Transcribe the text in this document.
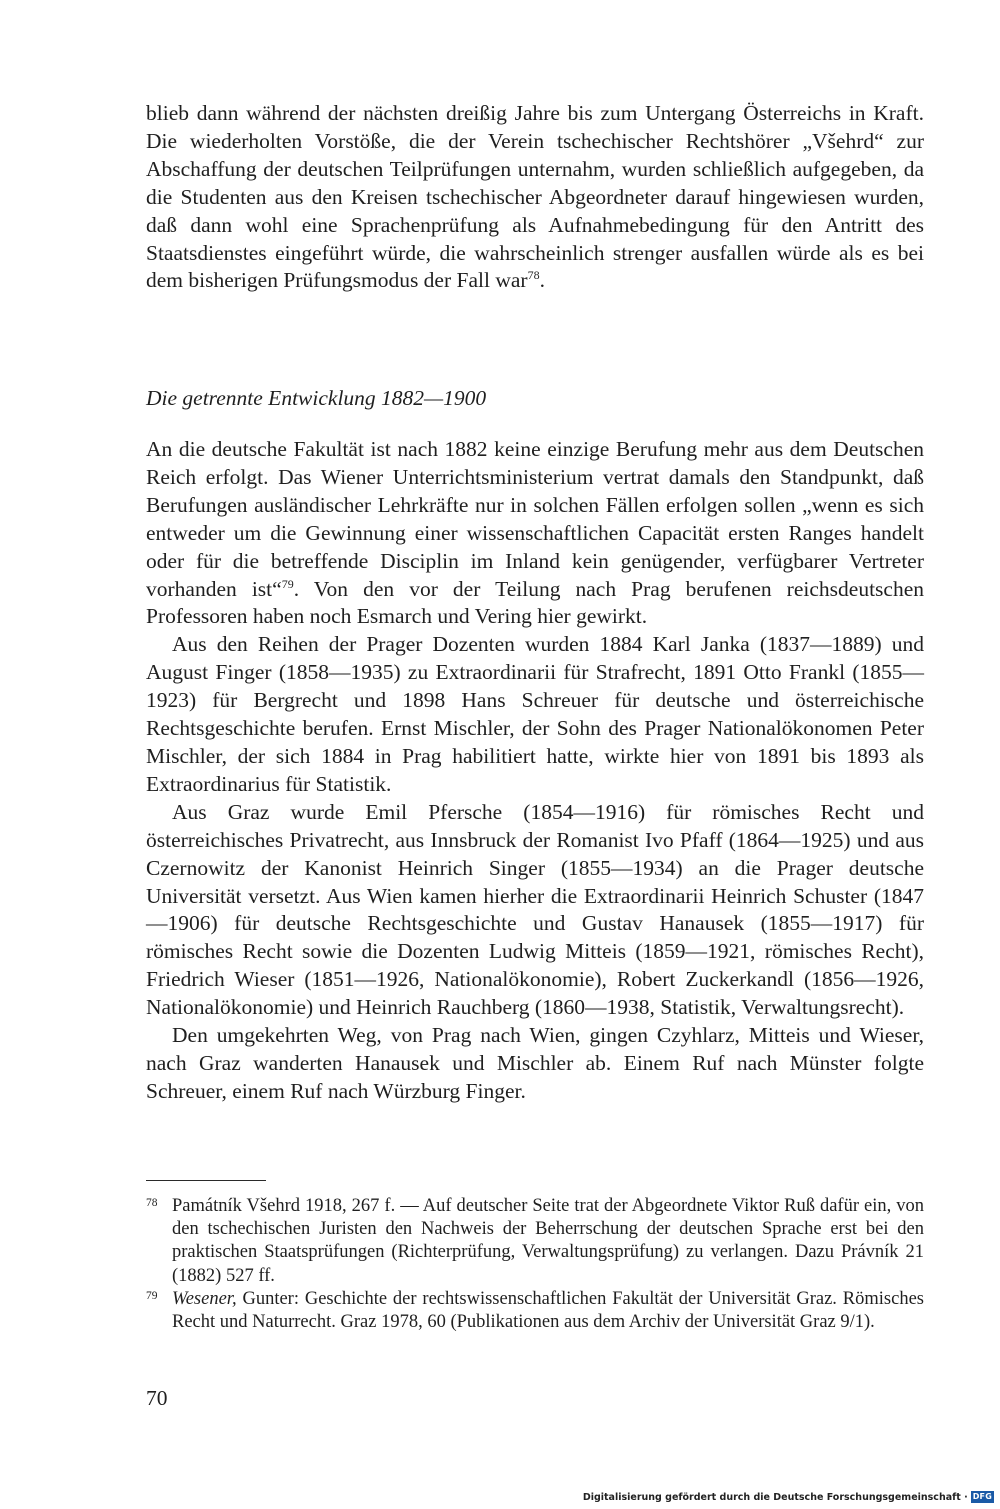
blieb dann während der nächsten dreißig Jahre bis zum Untergang Österreichs in Kraft. Die wiederholten Vorstöße, die der Verein tschechischer Rechtshörer „Všehrd“ zur Abschaffung der deutschen Teilprüfungen unternahm, wurden schließlich aufgegeben, da die Studenten aus den Kreisen tschechischer Abgeordneter darauf hingewiesen wurden, daß dann wohl eine Sprachenprüfung als Aufnahmebedingung für den Antritt des Staatsdienstes eingeführt würde, die wahrscheinlich strenger ausfallen würde als es bei dem bisherigen Prüfungsmodus der Fall war$^{78}$.

Die getrennte Entwicklung 1882—1900

An die deutsche Fakultät ist nach 1882 keine einzige Berufung mehr aus dem Deutschen Reich erfolgt. Das Wiener Unterrichtsministerium vertrat damals den Standpunkt, daß Berufungen ausländischer Lehrkräfte nur in solchen Fällen erfolgen sollen „wenn es sich entweder um die Gewinnung einer wissenschaftlichen Capacität ersten Ranges handelt oder für die betreffende Disciplin im Inland kein genügender, verfügbarer Vertreter vorhanden ist“$^{79}$. Von den vor der Teilung nach Prag berufenen reichsdeutschen Professoren haben noch Esmarch und Vering hier gewirkt.

Aus den Reihen der Prager Dozenten wurden 1884 Karl Janka (1837—1889) und August Finger (1858—1935) zu Extraordinarii für Strafrecht, 1891 Otto Frankl (1855—1923) für Bergrecht und 1898 Hans Schreuer für deutsche und österreichische Rechtsgeschichte berufen. Ernst Mischler, der Sohn des Prager Nationalökonomen Peter Mischler, der sich 1884 in Prag habilitiert hatte, wirkte hier von 1891 bis 1893 als Extraordinarius für Statistik.

Aus Graz wurde Emil Pfersche (1854—1916) für römisches Recht und österreichisches Privatrecht, aus Innsbruck der Romanist Ivo Pfaff (1864—1925) und aus Czernowitz der Kanonist Heinrich Singer (1855—1934) an die Prager deutsche Universität versetzt. Aus Wien kamen hierher die Extraordinarii Heinrich Schuster (1847—1906) für deutsche Rechtsgeschichte und Gustav Hanausek (1855—1917) für römisches Recht sowie die Dozenten Ludwig Mitteis (1859—1921, römisches Recht), Friedrich Wieser (1851—1926, Nationalökonomie), Robert Zuckerkandl (1856—1926, Nationalökonomie) und Heinrich Rauchberg (1860—1938, Statistik, Verwaltungsrecht).

Den umgekehrten Weg, von Prag nach Wien, gingen Czyhlarz, Mitteis und Wieser, nach Graz wanderten Hanausek und Mischler ab. Einem Ruf nach Münster folgte Schreuer, einem Ruf nach Würzburg Finger.

78 Památník Všehrd 1918, 267 f. — Auf deutscher Seite trat der Abgeordnete Viktor Ruß dafür ein, von den tschechischen Juristen den Nachweis der Beherrschung der deutschen Sprache erst bei den praktischen Staatsprüfungen (Richterprüfung, Verwaltungsprüfung) zu verlangen. Dazu Právník 21 (1882) 527 ff.

79 Wesener, Gunter: Geschichte der rechtswissenschaftlichen Fakultät der Universität Graz. Römisches Recht und Naturrecht. Graz 1978, 60 (Publikationen aus dem Archiv der Universität Graz 9/1).

70
Digitalisierung gefördert durch die Deutsche Forschungsgemeinschaft · DFG
